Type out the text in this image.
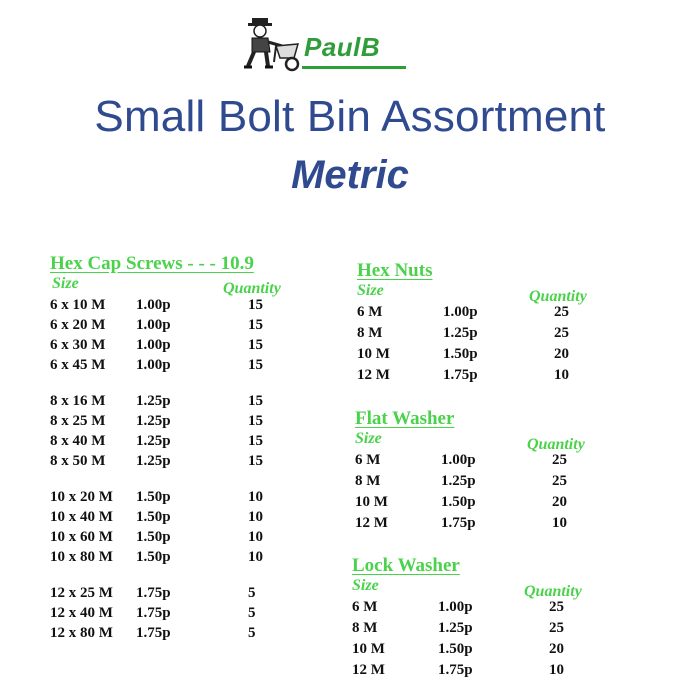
PaulB
Small Bolt Bin Assortment
Metric
Hex Cap Screws - - - 10.9
Size	Quantity
6 x 10 M 1.00p	15
6 x 20 M 1.00p	15
6 x 30 M 1.00p	15
6 x 45 M 1.00p	15
8 x 16 M 1.25p	15
8 x 25 M 1.25p	15
8 x 40 M 1.25p	15
8 x 50 M 1.25p	15
10 x 20 M 1.50p	10
10 x 40 M 1.50p	10
10 x 60 M 1.50p	10
10 x 80 M 1.50p	10
12 x 25 M 1.75p	5
12 x 40 M 1.75p	5
12 x 80 M 1.75p	5
Hex Nuts
Size	Quantity
6 M	1.00p	25
8 M	1.25p	25
10 M	1.50p	20
12 M	1.75p	10
Flat Washer
Size	Quantity
6 M	1.00p	25
8 M	1.25p	25
10 M	1.50p	20
12 M	1.75p	10
Lock Washer
Size	Quantity
6 M	1.00p	25
8 M	1.25p	25
10 M	1.50p	20
12 M	1.75p	10
